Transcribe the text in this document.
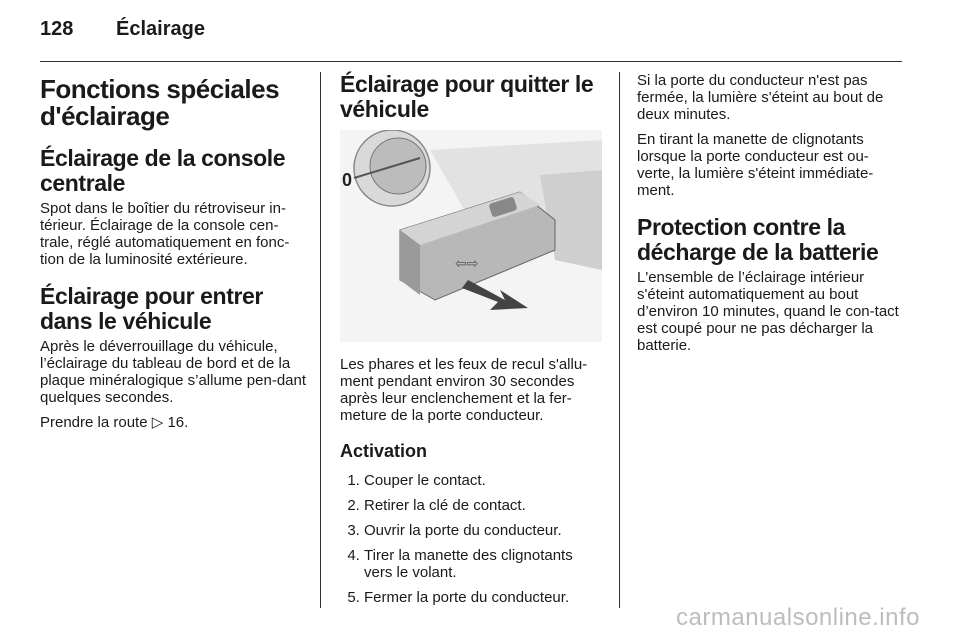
128 Éclairage
Fonctions spéciales d'éclairage
Éclairage de la console centrale

Spot dans le boîtier du rétroviseur in-térieur. Éclairage de la console cen-trale, réglé automatiquement en fonc-tion de la luminosité extérieure.

Éclairage pour entrer dans le véhicule

Après le déverrouillage du véhicule, l’éclairage du tableau de bord et de la plaque minéralogique s’allume pen-dant quelques secondes.

Prendre la route ▷ 16.

Éclairage pour quitter le véhicule
0
⇦⇨

Les phares et les feux de recul s'allu-ment pendant environ 30 secondes après leur enclenchement et la fer-meture de la porte conducteur.

Activation
1. Couper le contact.
2. Retirer la clé de contact.
3. Ouvrir la porte du conducteur.
4. Tirer la manette des clignotants vers le volant.
5. Fermer la porte du conducteur.

Si la porte du conducteur n'est pas fermée, la lumière s'éteint au bout de deux minutes.

En tirant la manette de clignotants lorsque la porte conducteur est ou-verte, la lumière s'éteint immédiate-ment.

Protection contre la décharge de la batterie

L'ensemble de l’éclairage intérieur s'éteint automatiquement au bout d’environ 10 minutes, quand le con-tact est coupé pour ne pas décharger la batterie.

carmanualsonline.info
